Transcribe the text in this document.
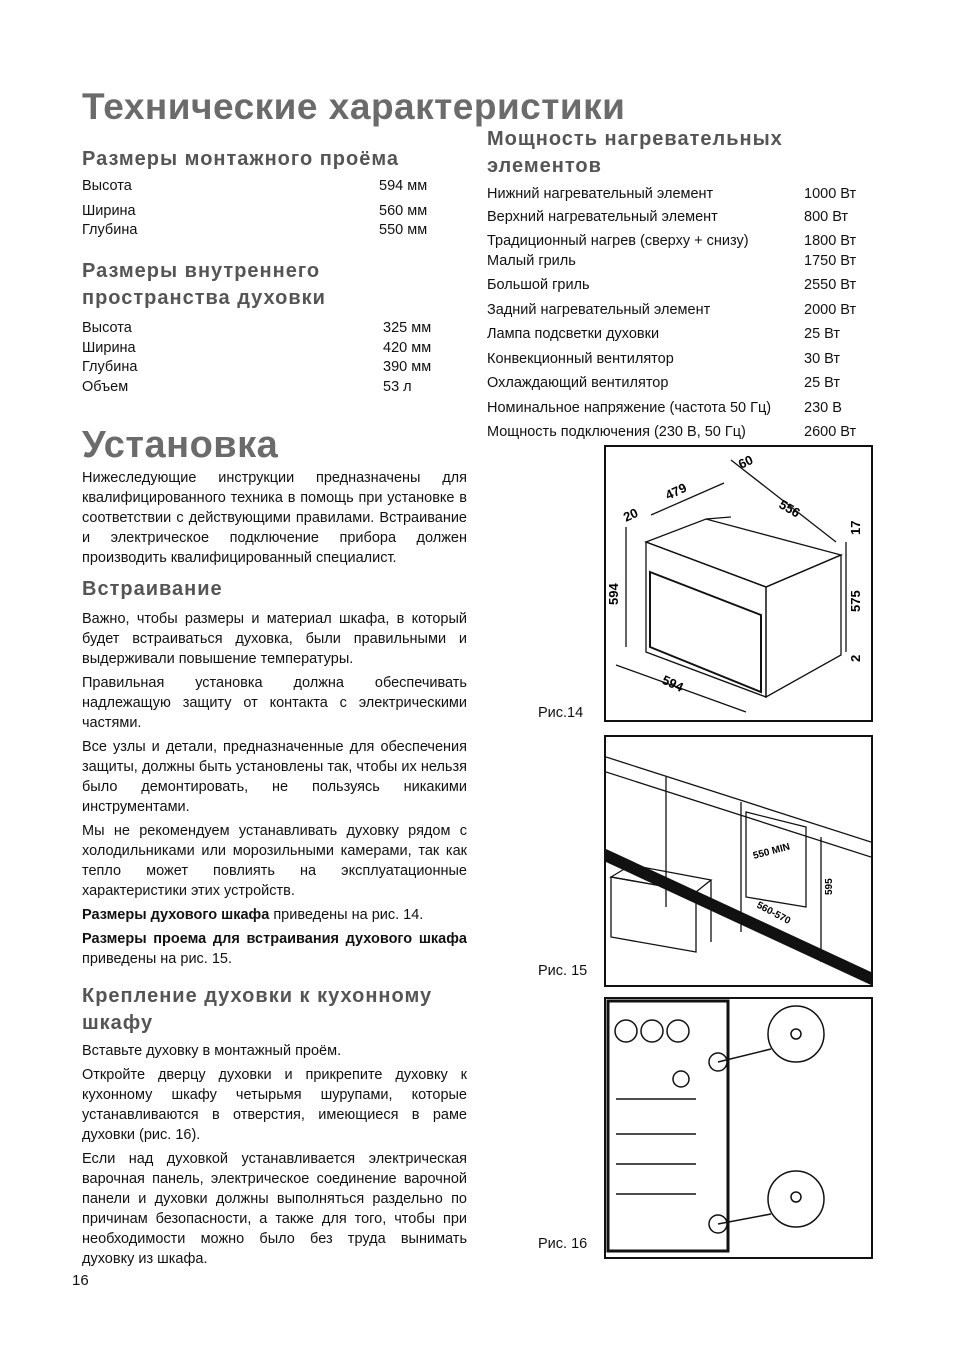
Технические характеристики
Размеры монтажного проёма
Высота	594 мм
Ширина	560 мм
Глубина	550 мм
Размеры внутреннего пространства духовки
Высота	325 мм
Ширина	420 мм
Глубина	390 мм
Объем	53 л
Мощность нагревательных элементов
Нижний нагревательный элемент	1000 Вт
Верхний нагревательный элемент	800 Вт
Традиционный нагрев (сверху + снизу)	1800 Вт
Малый гриль	1750 Вт
Большой гриль	2550 Вт
Задний нагревательный элемент	2000 Вт
Лампа подсветки духовки	25 Вт
Конвекционный вентилятор	30 Вт
Охлаждающий вентилятор	25 Вт
Номинальное напряжение (частота 50 Гц) 230 В
Мощность подключения (230 В, 50 Гц)	2600 Вт
Установка

Нижеследующие инструкции предназначены для квалифицированного техника в помощь при установке в соответствии с действующими правилами. Встраивание и электрическое подключение прибора должен производить квалифицированный специалист.

Встраивание

Важно, чтобы размеры и материал шкафа, в который будет встраиваться духовка, были правильными и выдерживали повышение температуры.

Правильная установка должна обеспечивать надлежащую защиту от контакта с электрическими частями.

Все узлы и детали, предназначенные для обеспечения защиты, должны быть установлены так, чтобы их нельзя было демонтировать, не пользуясь никакими инструментами.

Мы не рекомендуем устанавливать духовку рядом с холодильниками или морозильными камерами, так как тепло может повлиять на эксплуатационные характеристики этих устройств.

Размеры духового шкафа приведены на рис. 14.

Размеры проема для встраивания духового шкафа приведены на рис. 15.

Крепление духовки к кухонному шкафу

Вставьте духовку в монтажный проём.

Откройте дверцу духовки и прикрепите духовку к кухонному шкафу четырьмя шурупами, которые устанавливаются в отверстия, имеющиеся в раме духовки (рис. 16).

Если над духовкой устанавливается электрическая варочная панель, электрическое соединение варочной панели и духовки должны выполняться раздельно по причинам безопасности, а также для того, чтобы при необходимости можно было без труда вынимать духовку из шкафа.

16
594
594
479
20
60
556
575
17
2
Рис.14
550 MIN
595
560-570
Рис. 15
Рис. 16
